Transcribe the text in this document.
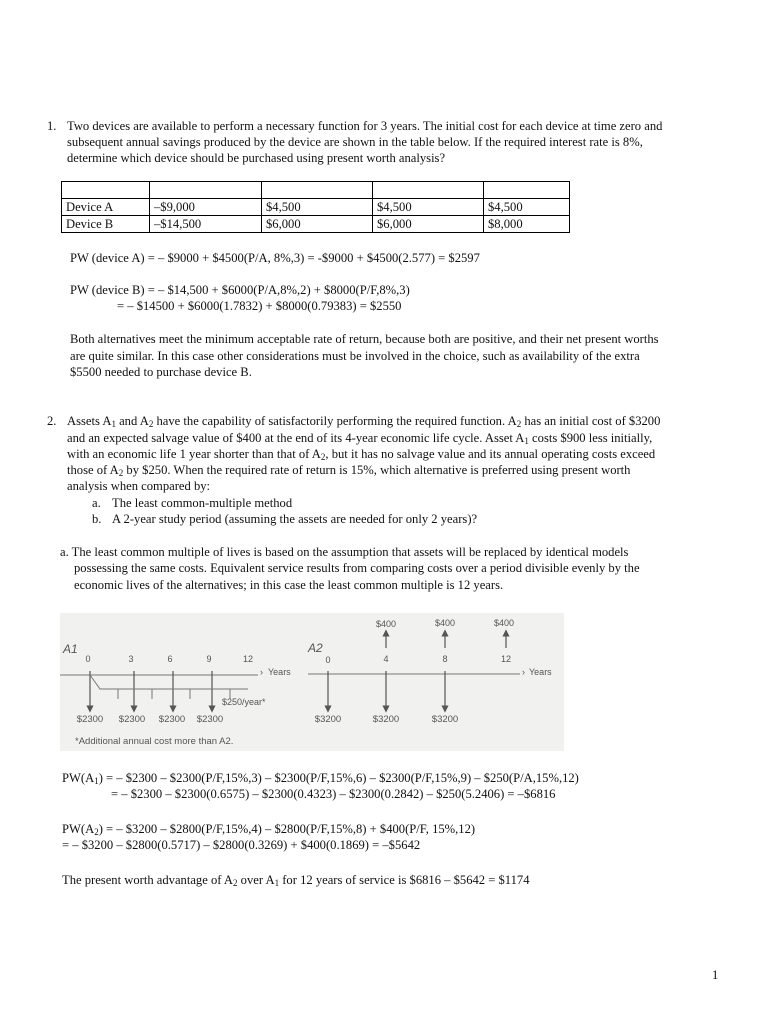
1. Two devices are available to perform a necessary function for 3 years. The initial cost for each device at time zero and
subsequent annual savings produced by the device are shown in the table below. If the required interest rate is 8%,
determine which device should be purchased using present worth analysis?

Device A	–$9,000	$4,500	$4,500	$4,500
Device B	–$14,500	$6,000	$6,000	$8,000
PW (device A) = – $9000 + $4500(P/A, 8%,3) = -$9000 + $4500(2.577) = $2597
PW (device B) = – $14,500 + $6000(P/A,8%,2) + $8000(P/F,8%,3)
= – $14500 + $6000(1.7832) + $8000(0.79383) = $2550
Both alternatives meet the minimum acceptable rate of return, because both are positive, and their net present worths
are quite similar. In this case other considerations must be involved in the choice, such as availability of the extra
$5500 needed to purchase device B.
2. Assets $A_1$ and $A_2$ have the capability of satisfactorily performing the required function. $A_2$ has an initial cost of $3200
and an expected salvage value of $400 at the end of its 4-year economic life cycle. Asset $A_1$ costs $900 less initially,
with an economic life 1 year shorter than that of $A_2$, but it has no salvage value and its annual operating costs exceed
those of $A_2$ by $250. When the required rate of return is 15%, which alternative is preferred using present worth
analysis when compared by:
a. The least common-multiple method
b. A 2-year study period (assuming the assets are needed for only 2 years)?
a. The least common multiple of lives is based on the assumption that assets will be replaced by identical models
possessing the same costs. Equivalent service results from comparing costs over a period divisible evenly by the
economic lives of the alternatives; in this case the least common multiple is 12 years.
A1
0	3	6	9	12
› Years
$250/year*
$2300 $2300 $2300 $2300
*Additional annual cost more than A2.
A2
0	4	8	12
$400	$400	$400
› Years
$3200	$3200	$3200
$PW(A_1)$ = – $2300 – $2300(P/F,15%,3) – $2300(P/F,15%,6) – $2300(P/F,15%,9) – $250(P/A,15%,12)
= – $2300 – $2300(0.6575) – $2300(0.4323) – $2300(0.2842) – $250(5.2406) = –$6816
$PW(A_2)$ = – $3200 – $2800(P/F,15%,4) – $2800(P/F,15%,8) + $400(P/F, 15%,12)
= – $3200 – $2800(0.5717) – $2800(0.3269) + $400(0.1869) = –$5642
The present worth advantage of $A_2$ over $A_1$ for 12 years of service is $6816 – $5642 = $1174
1
